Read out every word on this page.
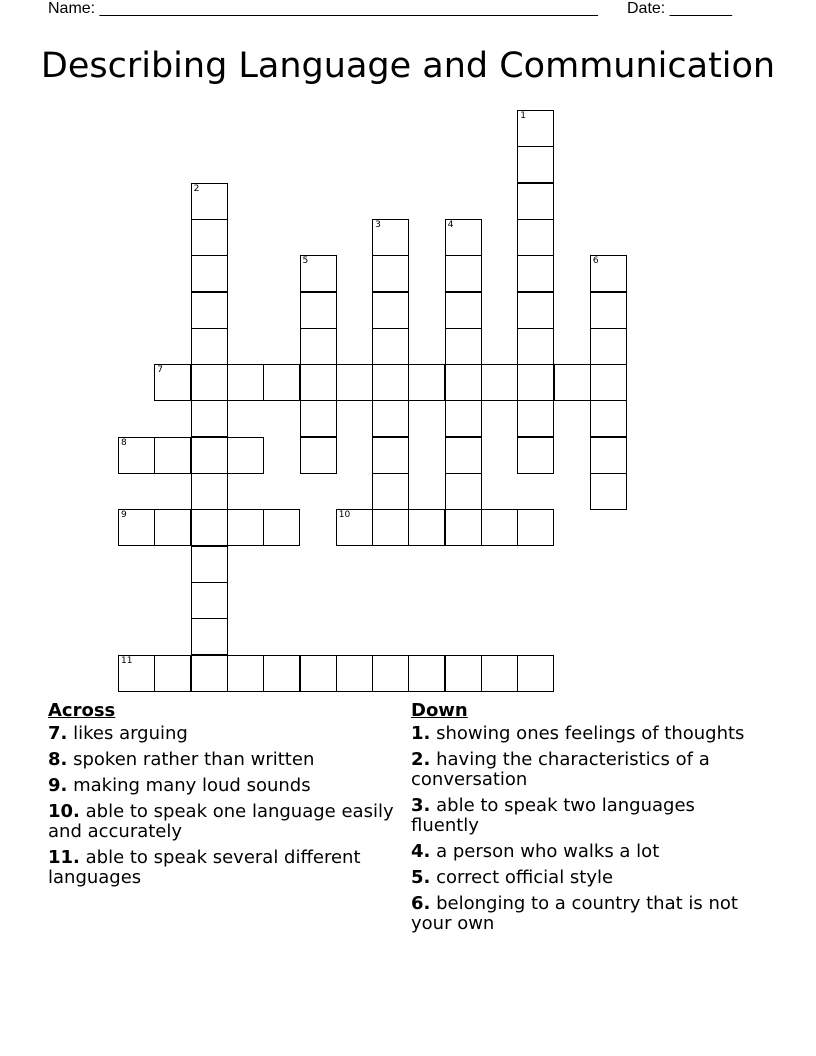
Name: ________________________________________________________ Date: _______
Describing Language and Communication
1
2
3	4
5	6
7
8
9	10
11
Across
7. likes arguing
8. spoken rather than written
9. making many loud sounds
10. able to speak one language easily and accurately
11. able to speak several different languages
Down
1. showing ones feelings of thoughts
2. having the characteristics of a conversation
3. able to speak two languages fluently
4. a person who walks a lot
5. correct official style
6. belonging to a country that is not your own
